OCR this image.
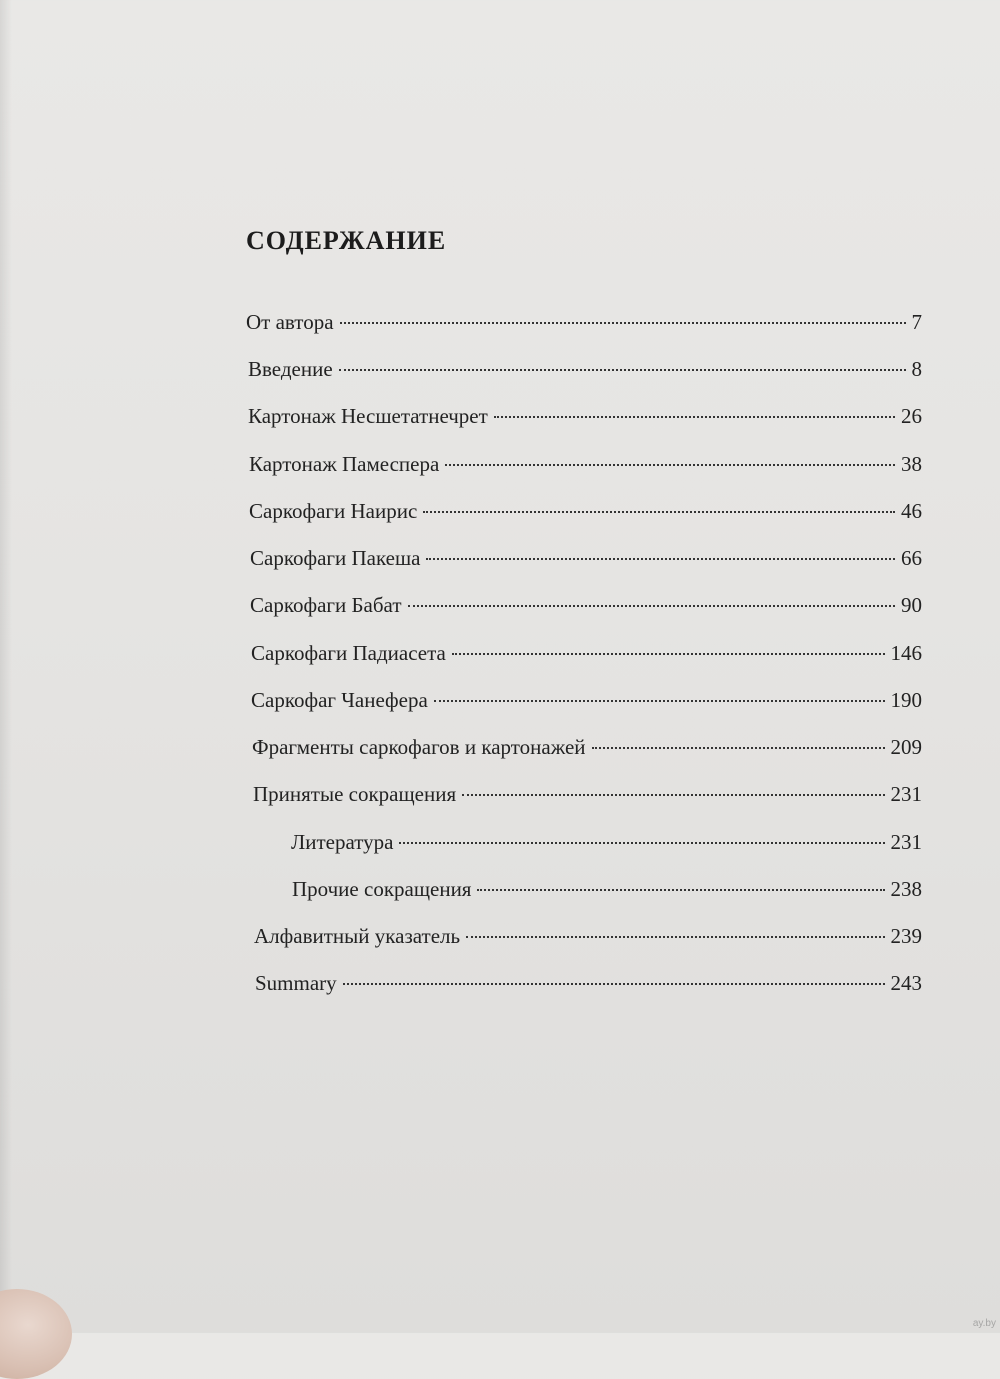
СОДЕРЖАНИЕ
От автора	7
Введение	8
Картонаж Несшетатнечрет	26
Картонаж Памеспера	38
Саркофаги Наирис	46
Саркофаги Пакеша	66
Саркофаги Бабат	90
Саркофаги Падиасета	146
Саркофаг Чанефера	190
Фрагменты саркофагов и картонажей	209
Принятые сокращения	231
Литература	231
Прочие сокращения	238
Алфавитный указатель	239
Summary	243
ay.by
